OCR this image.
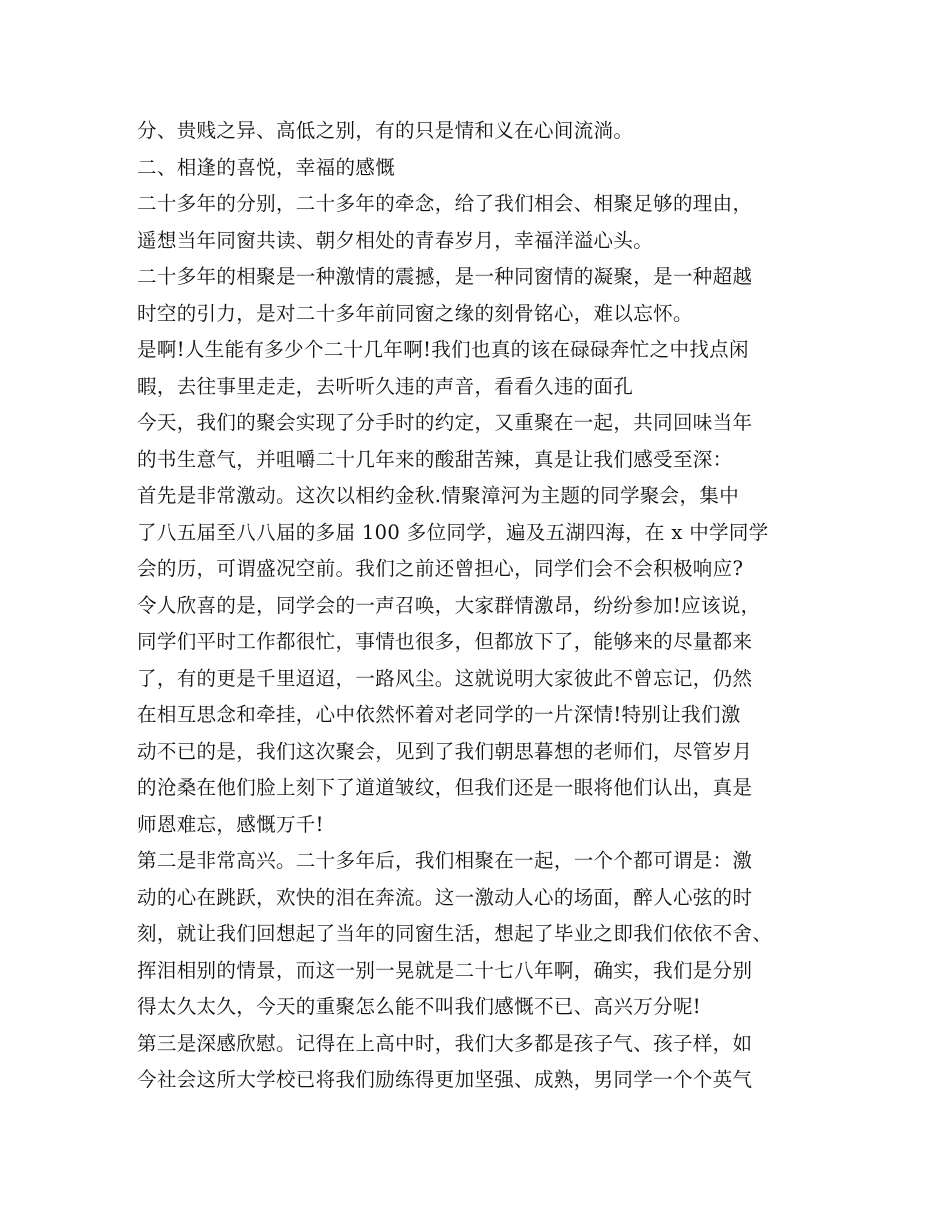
分、贵贱之异、高低之别，有的只是情和义在心间流淌。
二、相逢的喜悦，幸福的感慨
二十多年的分别，二十多年的牵念，给了我们相会、相聚足够的理由，
遥想当年同窗共读、朝夕相处的青春岁月，幸福洋溢心头。
二十多年的相聚是一种激情的震撼，是一种同窗情的凝聚，是一种超越
时空的引力，是对二十多年前同窗之缘的刻骨铭心，难以忘怀。
是啊!人生能有多少个二十几年啊!我们也真的该在碌碌奔忙之中找点闲
暇，去往事里走走，去听听久违的声音，看看久违的面孔
今天，我们的聚会实现了分手时的约定，又重聚在一起，共同回味当年
的书生意气，并咀嚼二十几年来的酸甜苦辣，真是让我们感受至深：
首先是非常激动。这次以相约金秋.情聚漳河为主题的同学聚会，集中
了八五届至八八届的多届 100 多位同学，遍及五湖四海，在 x 中学同学
会的历，可谓盛况空前。我们之前还曾担心，同学们会不会积极响应?
令人欣喜的是，同学会的一声召唤，大家群情激昂，纷纷参加!应该说，
同学们平时工作都很忙，事情也很多，但都放下了，能够来的尽量都来
了，有的更是千里迢迢，一路风尘。这就说明大家彼此不曾忘记，仍然
在相互思念和牵挂，心中依然怀着对老同学的一片深情!特别让我们激
动不已的是，我们这次聚会，见到了我们朝思暮想的老师们，尽管岁月
的沧桑在他们脸上刻下了道道皱纹，但我们还是一眼将他们认出，真是
师恩难忘，感慨万千!
第二是非常高兴。二十多年后，我们相聚在一起，一个个都可谓是：激
动的心在跳跃，欢快的泪在奔流。这一激动人心的场面，醉人心弦的时
刻，就让我们回想起了当年的同窗生活，想起了毕业之即我们依依不舍、
挥泪相别的情景，而这一别一晃就是二十七八年啊，确实，我们是分别
得太久太久，今天的重聚怎么能不叫我们感慨不已、高兴万分呢!
第三是深感欣慰。记得在上高中时，我们大多都是孩子气、孩子样，如
今社会这所大学校已将我们励练得更加坚强、成熟，男同学一个个英气
